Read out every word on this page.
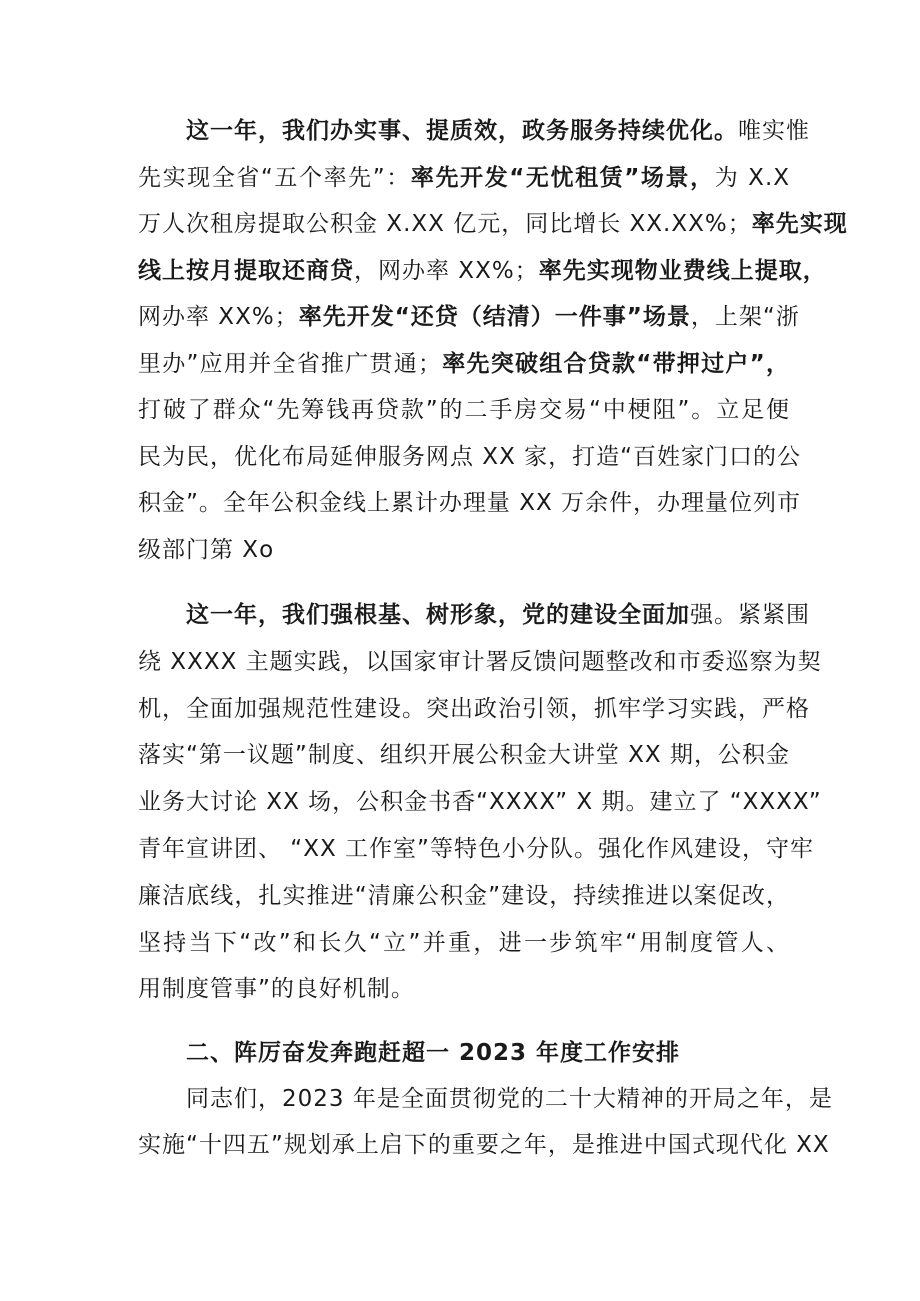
这一年，我们办实事、提质效，政务服务持续优化。唯实惟
先实现全省“五个率先”：率先开发“无忧租赁”场景，为 X.X
万人次租房提取公积金 X.XX 亿元，同比增长 XX.XX%；率先实现
线上按月提取还商贷，网办率 XX%；率先实现物业费线上提取，
网办率 XX%；率先开发“还贷（结清）一件事”场景，上架“浙
里办”应用并全省推广贯通；率先突破组合贷款“带押过户”，
打破了群众“先筹钱再贷款”的二手房交易“中梗阻”。立足便
民为民，优化布局延伸服务网点 XX 家，打造“百姓家门口的公
积金”。全年公积金线上累计办理量 XX 万余件，办理量位列市
级部门第 Xo
这一年，我们强根基、树形象，党的建设全面加强。紧紧围
绕 XXXX 主题实践，以国家审计署反馈问题整改和市委巡察为契
机，全面加强规范性建设。突出政治引领，抓牢学习实践，严格
落实“第一议题”制度、组织开展公积金大讲堂 XX 期，公积金
业务大讨论 XX 场，公积金书香“XXXX” X 期。建立了 “XXXX”
青年宣讲团、 “XX 工作室”等特色小分队。强化作风建设，守牢
廉洁底线，扎实推进“清廉公积金”建设，持续推进以案促改，
坚持当下“改”和长久“立”并重，进一步筑牢“用制度管人、
用制度管事”的良好机制。
二、阵厉奋发奔跑赶超一 2023 年度工作安排
同志们，2023 年是全面贯彻党的二十大精神的开局之年，是
实施“十四五”规划承上启下的重要之年，是推进中国式现代化 XX
